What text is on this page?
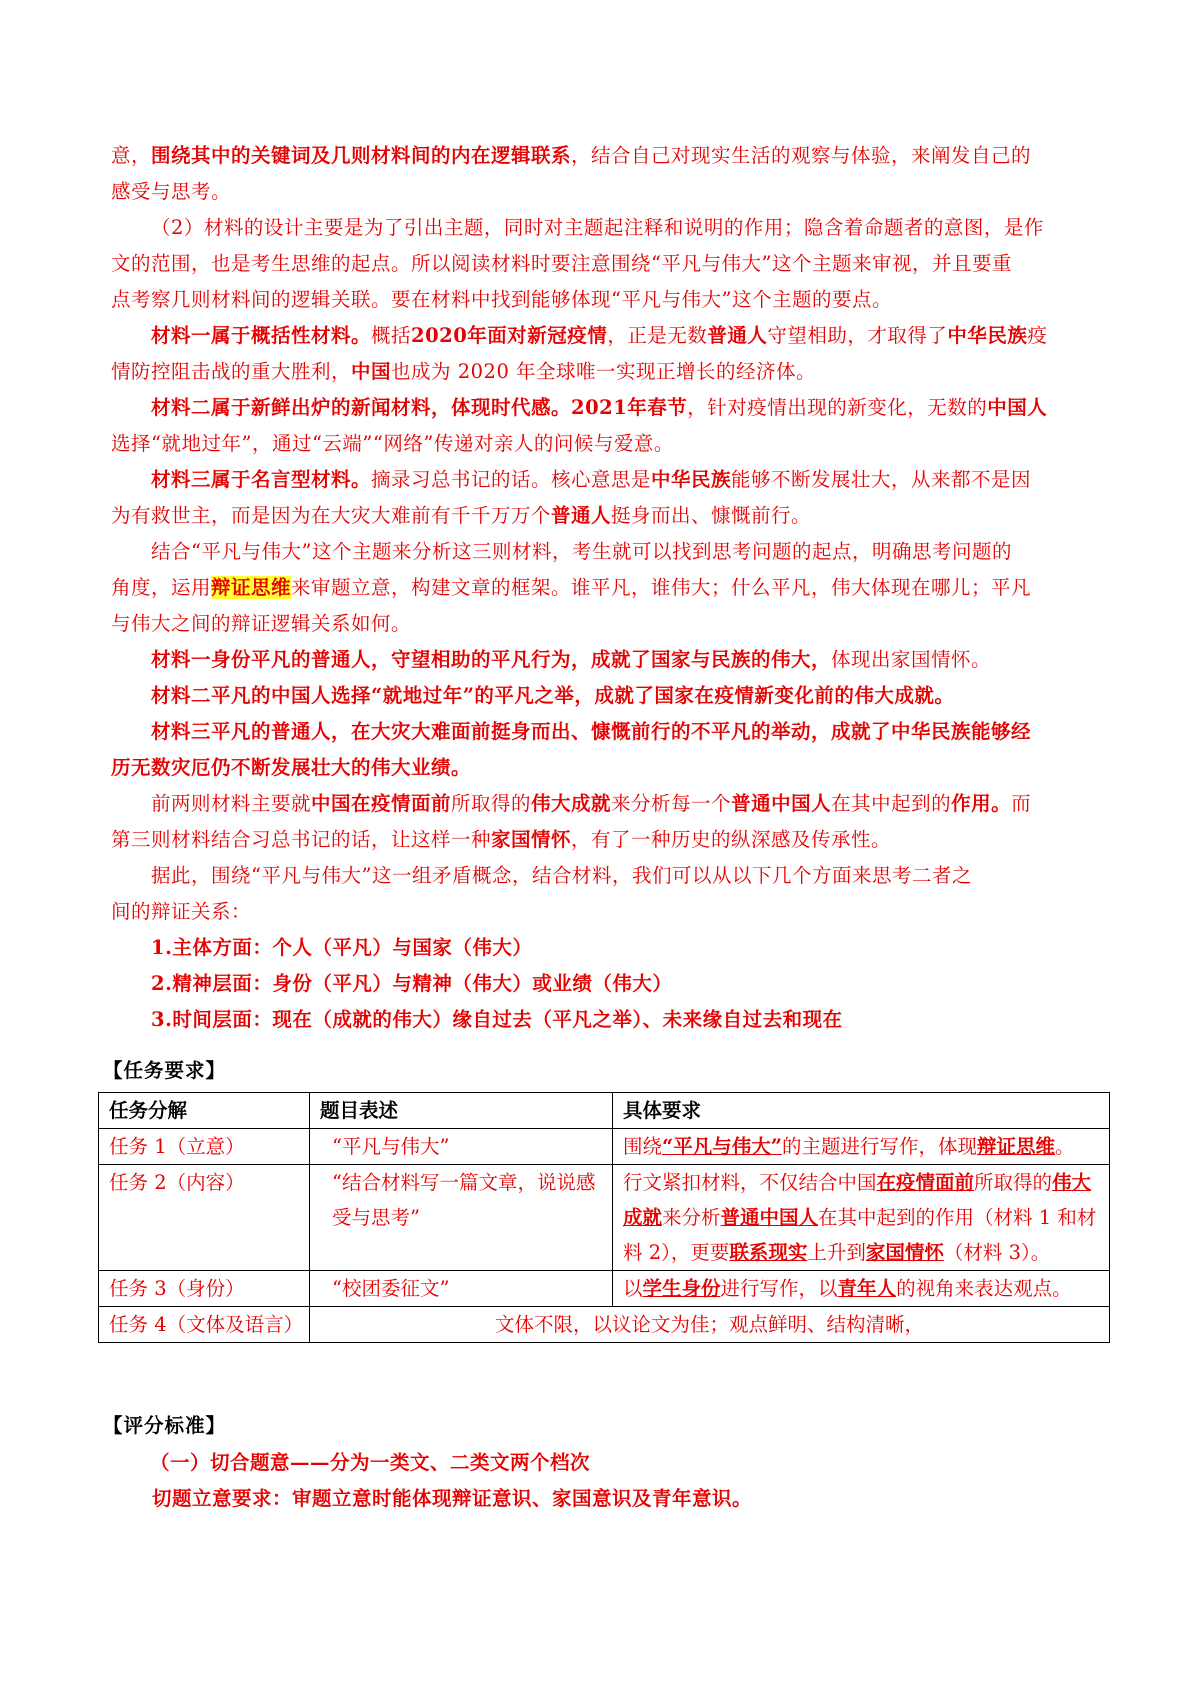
意，围绕其中的关键词及几则材料间的内在逻辑联系，结合自己对现实生活的观察与体验，来阐发自己的
感受与思考。
（2）材料的设计主要是为了引出主题，同时对主题起注释和说明的作用；隐含着命题者的意图，是作
文的范围，也是考生思维的起点。所以阅读材料时要注意围绕“平凡与伟大”这个主题来审视，并且要重
点考察几则材料间的逻辑关联。要在材料中找到能够体现“平凡与伟大”这个主题的要点。
材料一属于概括性材料。概括2020年面对新冠疫情，正是无数普通人守望相助，才取得了中华民族疫
情防控阻击战的重大胜利，中国也成为 2020 年全球唯一实现正增长的经济体。
材料二属于新鲜出炉的新闻材料，体现时代感。2021年春节，针对疫情出现的新变化，无数的中国人
选择“就地过年”，通过“云端”“网络”传递对亲人的问候与爱意。
材料三属于名言型材料。摘录习总书记的话。核心意思是中华民族能够不断发展壮大，从来都不是因
为有救世主，而是因为在大灾大难前有千千万万个普通人挺身而出、慷慨前行。
结合“平凡与伟大”这个主题来分析这三则材料，考生就可以找到思考问题的起点，明确思考问题的
角度，运用辩证思维来审题立意，构建文章的框架。谁平凡，谁伟大；什么平凡，伟大体现在哪儿；平凡
与伟大之间的辩证逻辑关系如何。
材料一身份平凡的普通人，守望相助的平凡行为，成就了国家与民族的伟大，体现出家国情怀。
材料二平凡的中国人选择“就地过年”的平凡之举，成就了国家在疫情新变化前的伟大成就。
材料三平凡的普通人，在大灾大难面前挺身而出、慷慨前行的不平凡的举动，成就了中华民族能够经
历无数灾厄仍不断发展壮大的伟大业绩。
前两则材料主要就中国在疫情面前所取得的伟大成就来分析每一个普通中国人在其中起到的作用。而
第三则材料结合习总书记的话，让这样一种家国情怀，有了一种历史的纵深感及传承性。
据此，围绕“平凡与伟大”这一组矛盾概念，结合材料，我们可以从以下几个方面来思考二者之
间的辩证关系：
1.主体方面：个人（平凡）与国家（伟大）
2.精神层面：身份（平凡）与精神（伟大）或业绩（伟大）
3.时间层面：现在（成就的伟大）缘自过去（平凡之举）、未来缘自过去和现在
【任务要求】
任务分解	题目表述	具体要求
任务 1（立意）	“平凡与伟大”	围绕“平凡与伟大”的主题进行写作，体现辩证思维。
任务 2（内容）	“结合材料写一篇文章，说说感受与思考”	行文紧扣材料，不仅结合中国在疫情面前所取得的伟大成就来分析普通中国人在其中起到的作用（材料 1 和材料 2），更要联系现实上升到家国情怀（材料 3）。
任务 3（身份）	“校团委征文”	以学生身份进行写作，以青年人的视角来表达观点。
任务 4（文体及语言）	文体不限，以议论文为佳；观点鲜明、结构清晰，	
【评分标准】
（一）切合题意——分为一类文、二类文两个档次
切题立意要求：审题立意时能体现辩证意识、家国意识及青年意识。
